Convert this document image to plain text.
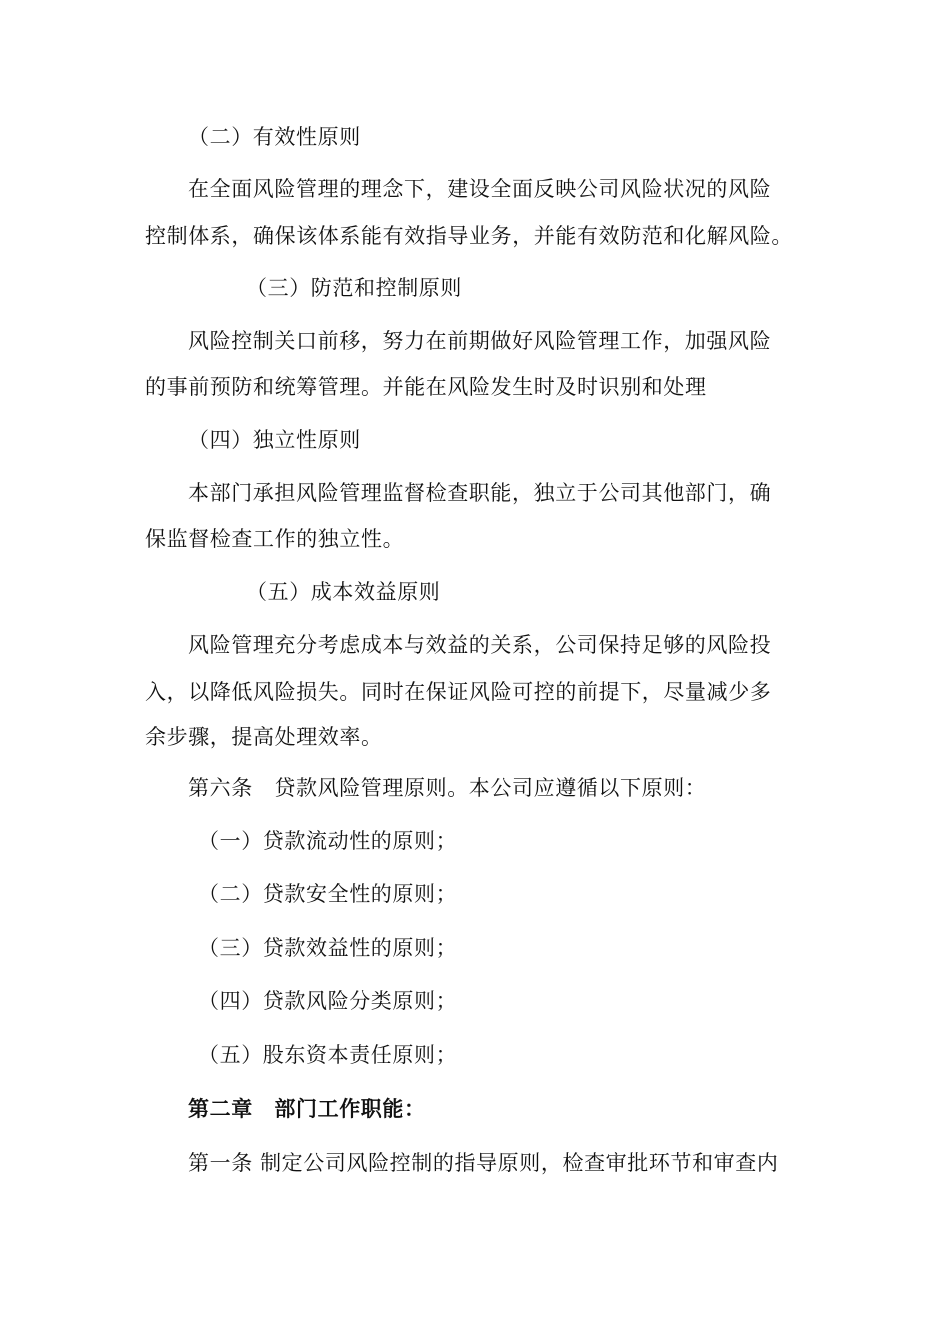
（二）有效性原则
在全面风险管理的理念下，建设全面反映公司风险状况的风险
控制体系，确保该体系能有效指导业务，并能有效防范和化解风险。
（三）防范和控制原则
风险控制关口前移，努力在前期做好风险管理工作，加强风险
的事前预防和统筹管理。并能在风险发生时及时识别和处理
（四）独立性原则
本部门承担风险管理监督检查职能，独立于公司其他部门，确
保监督检查工作的独立性。
（五）成本效益原则
风险管理充分考虑成本与效益的关系，公司保持足够的风险投
入，以降低风险损失。同时在保证风险可控的前提下，尽量减少多
余步骤，提高处理效率。
第六条　贷款风险管理原则。本公司应遵循以下原则：
（一）贷款流动性的原则；
（二）贷款安全性的原则；
（三）贷款效益性的原则；
（四）贷款风险分类原则；
（五）股东资本责任原则；
第二章　部门工作职能：
第一条 制定公司风险控制的指导原则，检查审批环节和审查内
